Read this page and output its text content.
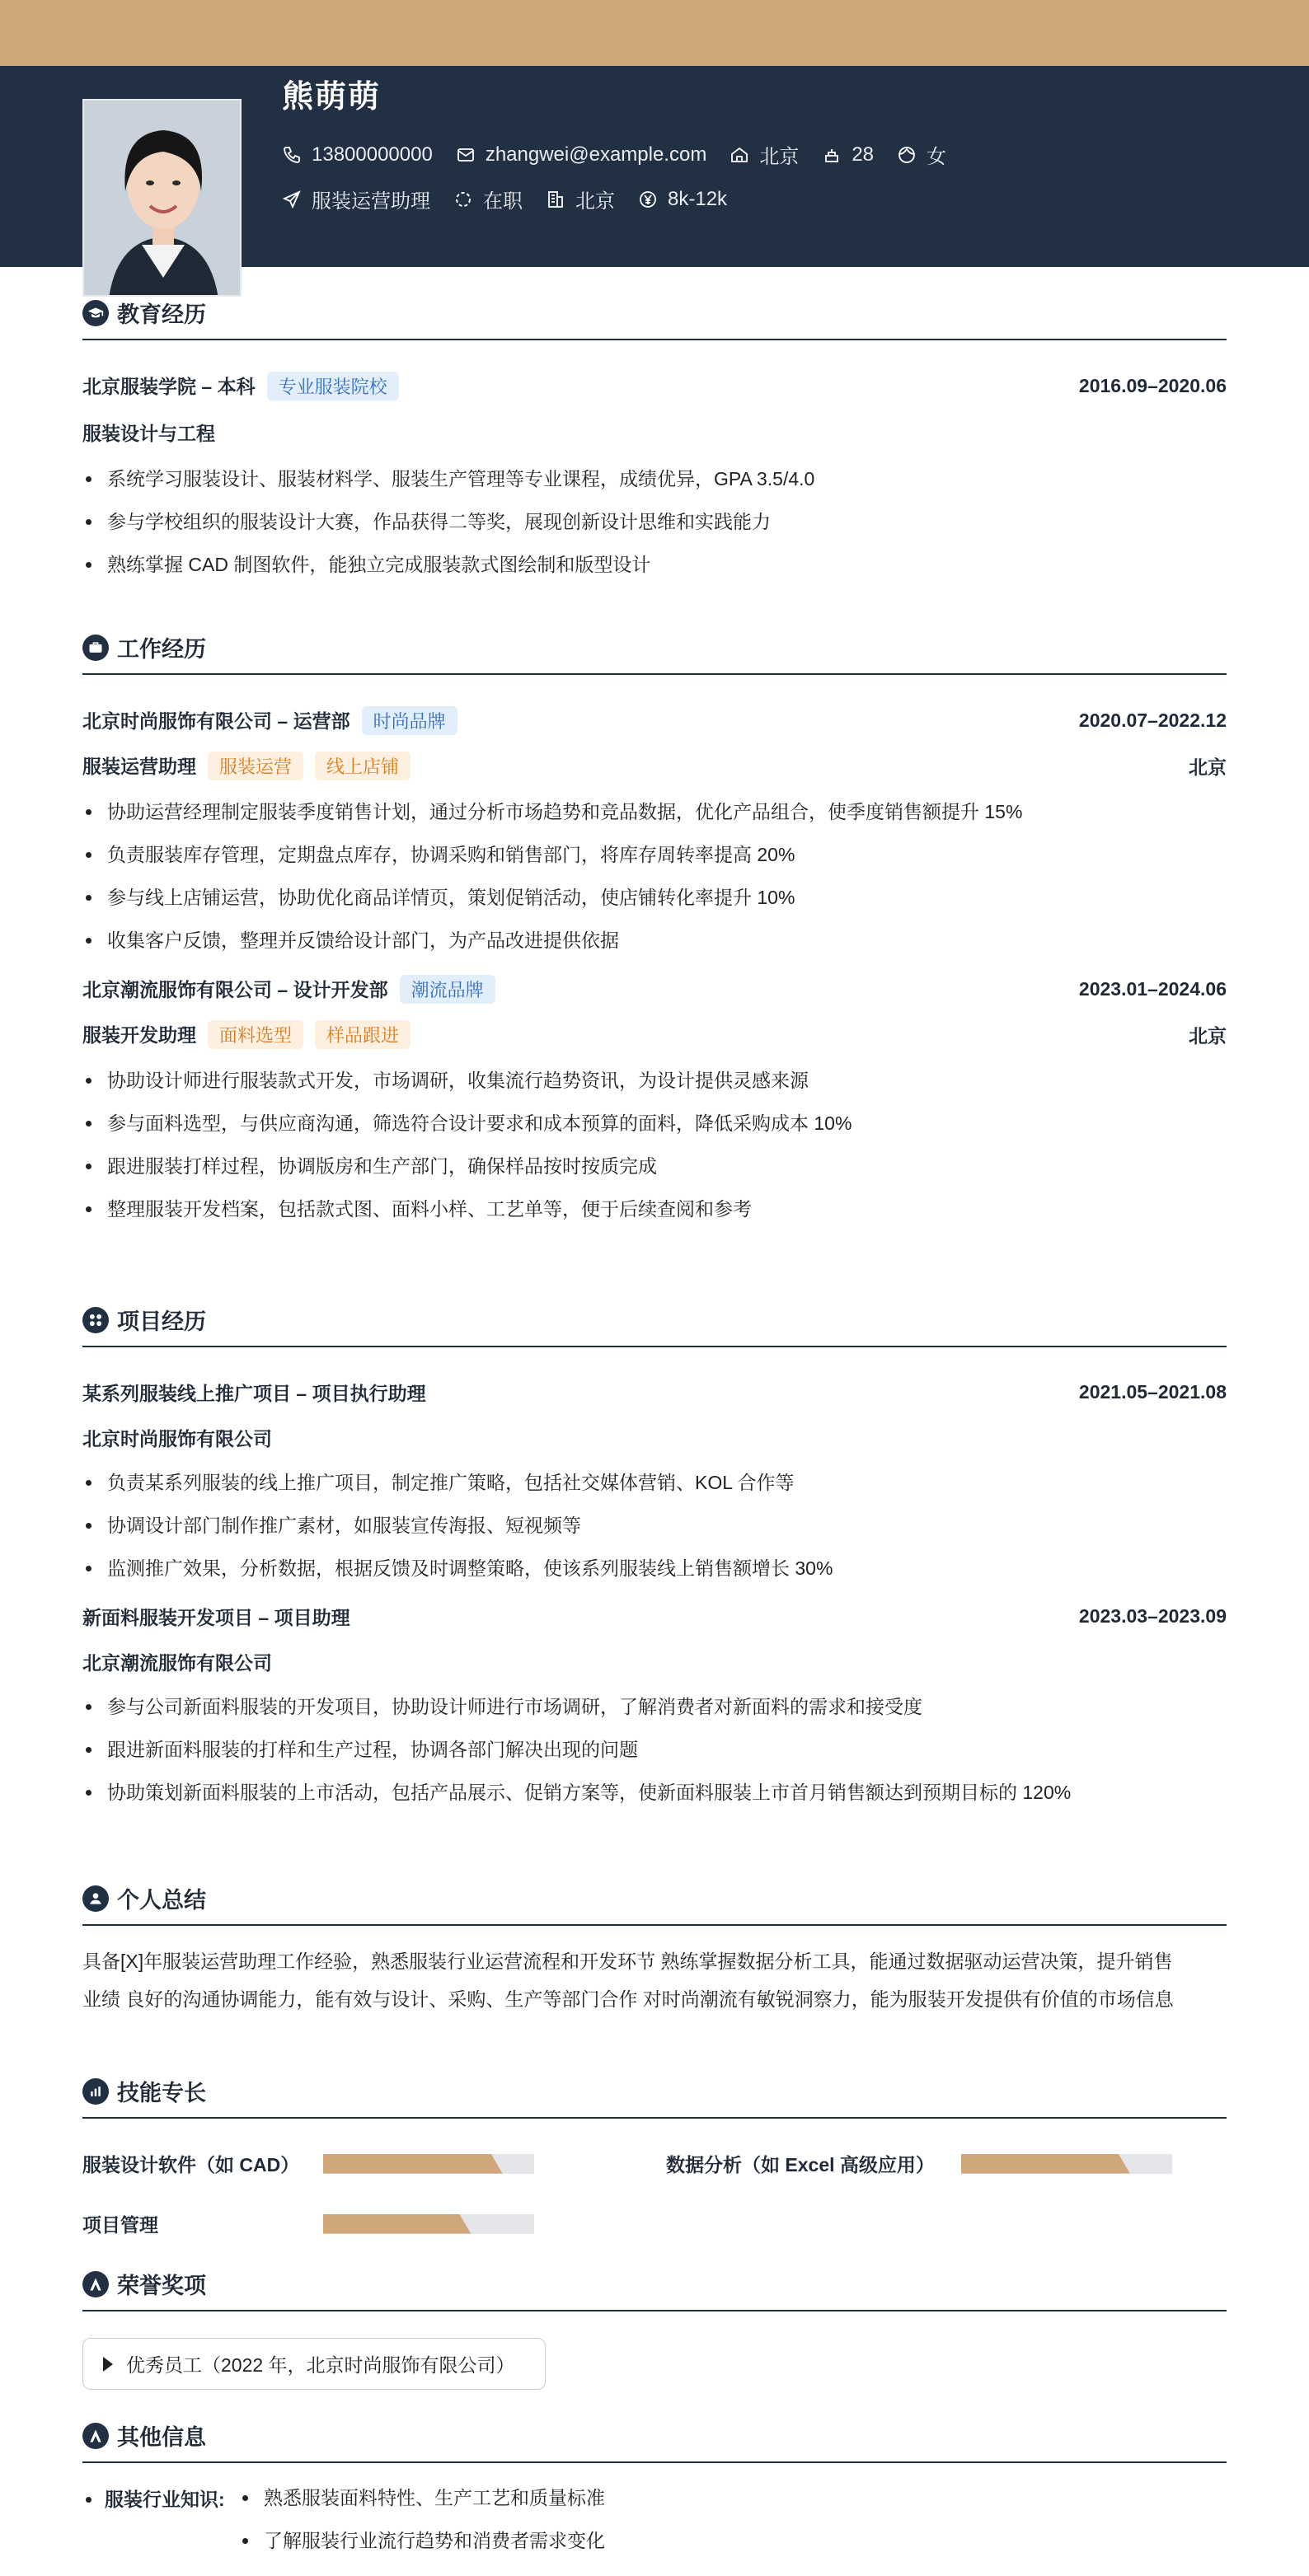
熊萌萌
13800000000	zhangwei@example.com	北京	28	女
服装运营助理	在职	北京	8k-12k
教育经历
北京服装学院 – 本科 专业服装院校	2016.09–2020.06
服装设计与工程
系统学习服装设计、服装材料学、服装生产管理等专业课程，成绩优异，GPA 3.5/4.0
参与学校组织的服装设计大赛，作品获得二等奖，展现创新设计思维和实践能力
熟练掌握 CAD 制图软件，能独立完成服装款式图绘制和版型设计
工作经历
北京时尚服饰有限公司 – 运营部 时尚品牌	2020.07–2022.12
服装运营助理 服装运营 线上店铺	北京
协助运营经理制定服装季度销售计划，通过分析市场趋势和竞品数据，优化产品组合，使季度销售额提升 15%
负责服装库存管理，定期盘点库存，协调采购和销售部门，将库存周转率提高 20%
参与线上店铺运营，协助优化商品详情页，策划促销活动，使店铺转化率提升 10%
收集客户反馈，整理并反馈给设计部门，为产品改进提供依据
北京潮流服饰有限公司 – 设计开发部 潮流品牌	2023.01–2024.06
服装开发助理 面料选型 样品跟进	北京
协助设计师进行服装款式开发，市场调研，收集流行趋势资讯，为设计提供灵感来源
参与面料选型，与供应商沟通，筛选符合设计要求和成本预算的面料，降低采购成本 10%
跟进服装打样过程，协调版房和生产部门，确保样品按时按质完成
整理服装开发档案，包括款式图、面料小样、工艺单等，便于后续查阅和参考
项目经历
某系列服装线上推广项目 – 项目执行助理	2021.05–2021.08
北京时尚服饰有限公司
负责某系列服装的线上推广项目，制定推广策略，包括社交媒体营销、KOL 合作等
协调设计部门制作推广素材，如服装宣传海报、短视频等
监测推广效果，分析数据，根据反馈及时调整策略，使该系列服装线上销售额增长 30%
新面料服装开发项目 – 项目助理	2023.03–2023.09
北京潮流服饰有限公司
参与公司新面料服装的开发项目，协助设计师进行市场调研，了解消费者对新面料的需求和接受度
跟进新面料服装的打样和生产过程，协调各部门解决出现的问题
协助策划新面料服装的上市活动，包括产品展示、促销方案等，使新面料服装上市首月销售额达到预期目标的 120%
个人总结
具备[X]年服装运营助理工作经验，熟悉服装行业运营流程和开发环节 熟练掌握数据分析工具，能通过数据驱动运营决策，提升销售
业绩 良好的沟通协调能力，能有效与设计、采购、生产等部门合作 对时尚潮流有敏锐洞察力，能为服装开发提供有价值的市场信息
技能专长
服装设计软件（如 CAD）	数据分析（如 Excel 高级应用）
项目管理
荣誉奖项
优秀员工（2022 年，北京时尚服饰有限公司）
其他信息
服装行业知识:	熟悉服装面料特性、生产工艺和质量标准
了解服装行业流行趋势和消费者需求变化
